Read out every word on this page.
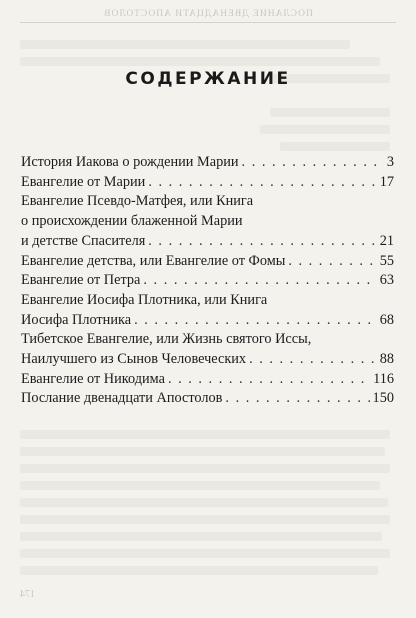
ПОСЛАНИЕ ДВЕНАДЦАТИ АПОСТОЛОВ
СОДЕРЖАНИЕ
История Иакова о рождении Марии . . .	3
Евангелие от Марии . . .	17
Евангелие Псевдо-Матфея, или Книга
о происхождении блаженной Марии
и детстве Спасителя . . .	21
Евангелие детства, или Евангелие от Фомы . . .	55
Евангелие от Петра . . .	63
Евангелие Иосифа Плотника, или Книга
Иосифа Плотника . . .	68
Тибетское Евангелие, или Жизнь святого Иссы,
Наилучшего из Сынов Человеческих . . .	88
Евангелие от Никодима . . .	116
Послание двенадцати Апостолов . . .	150
174
